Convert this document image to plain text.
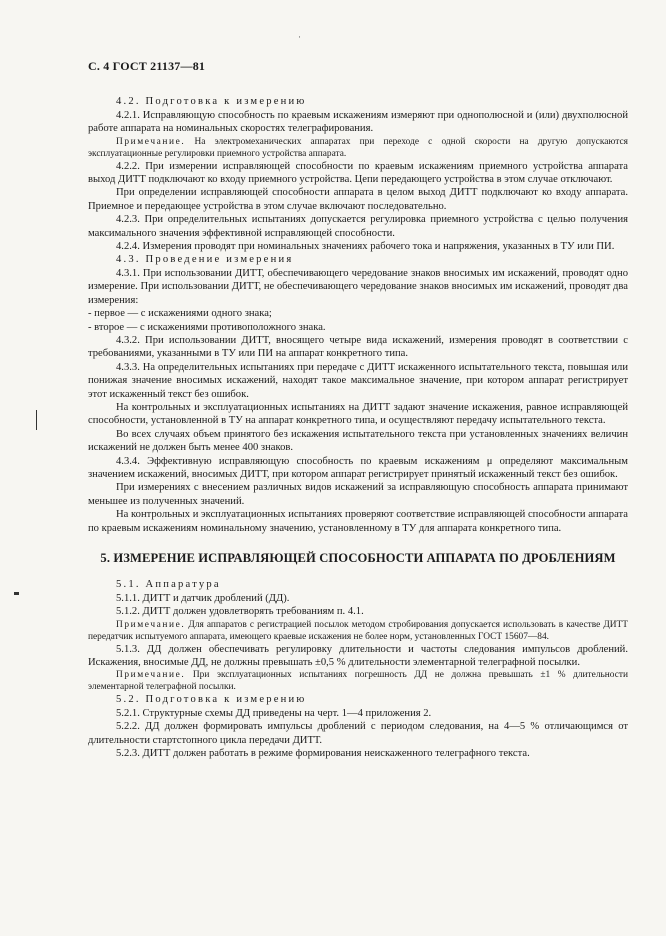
С. 4 ГОСТ 21137—81

4.2. Подготовка к измерению

4.2.1. Исправляющую способность по краевым искажениям измеряют при однополюсной и (или) двухполюсной работе аппарата на номинальных скоростях телеграфирования.

Примечание. На электромеханических аппаратах при переходе с одной скорости на другую допускаются эксплуатационные регулировки приемного устройства аппарата.

4.2.2. При измерении исправляющей способности по краевым искажениям приемного устройства аппарата выход ДИТТ подключают ко входу приемного устройства. Цепи передающего устройства в этом случае отключают.

При определении исправляющей способности аппарата в целом выход ДИТТ подключают ко входу аппарата. Приемное и передающее устройства в этом случае включают последовательно.

4.2.3. При определительных испытаниях допускается регулировка приемного устройства с целью получения максимального значения эффективной исправляющей способности.

4.2.4. Измерения проводят при номинальных значениях рабочего тока и напряжения, указанных в ТУ или ПИ.

4.3. Проведение измерения

4.3.1. При использовании ДИТТ, обеспечивающего чередование знаков вносимых им искажений, проводят одно измерение. При использовании ДИТТ, не обеспечивающего чередование знаков вносимых им искажений, проводят два измерения:

- первое — с искажениями одного знака;

- второе — с искажениями противоположного знака.

4.3.2. При использовании ДИТТ, вносящего четыре вида искажений, измерения проводят в соответствии с требованиями, указанными в ТУ или ПИ на аппарат конкретного типа.

4.3.3. На определительных испытаниях при передаче с ДИТТ искаженного испытательного текста, повышая или понижая значение вносимых искажений, находят такое максимальное значение, при котором аппарат регистрирует этот искаженный текст без ошибок.

На контрольных и эксплуатационных испытаниях на ДИТТ задают значение искажения, равное исправляющей способности, установленной в ТУ на аппарат конкретного типа, и осуществляют передачу испытательного текста.

Во всех случаях объем принятого без искажения испытательного текста при установленных значениях величин искажений не должен быть менее 400 знаков.

4.3.4. Эффективную исправляющую способность по краевым искажениям μ определяют максимальным значением искажений, вносимых ДИТТ, при котором аппарат регистрирует принятый искаженный текст без ошибок.

При измерениях с внесением различных видов искажений за исправляющую способность аппарата принимают меньшее из полученных значений.

На контрольных и эксплуатационных испытаниях проверяют соответствие исправляющей способности аппарата по краевым искажениям номинальному значению, установленному в ТУ для аппарата конкретного типа.

5. ИЗМЕРЕНИЕ ИСПРАВЛЯЮЩЕЙ СПОСОБНОСТИ АППАРАТА ПО ДРОБЛЕНИЯМ

5.1. Аппаратура

5.1.1. ДИТТ и датчик дроблений (ДД).

5.1.2. ДИТТ должен удовлетворять требованиям п. 4.1.

Примечание. Для аппаратов с регистрацией посылок методом стробирования допускается использовать в качестве ДИТТ передатчик испытуемого аппарата, имеющего краевые искажения не более норм, установленных ГОСТ 15607—84.

5.1.3. ДД должен обеспечивать регулировку длительности и частоты следования импульсов дроблений. Искажения, вносимые ДД, не должны превышать ±0,5 % длительности элементарной телеграфной посылки.

Примечание. При эксплуатационных испытаниях погрешность ДД не должна превышать ±1 % длительности элементарной телеграфной посылки.

5.2. Подготовка к измерению

5.2.1. Структурные схемы ДД приведены на черт. 1—4 приложения 2.

5.2.2. ДД должен формировать импульсы дроблений с периодом следования, на 4—5 % отличающимся от длительности стартстопного цикла передачи ДИТТ.

5.2.3. ДИТТ должен работать в режиме формирования неискаженного телеграфного текста.

·
